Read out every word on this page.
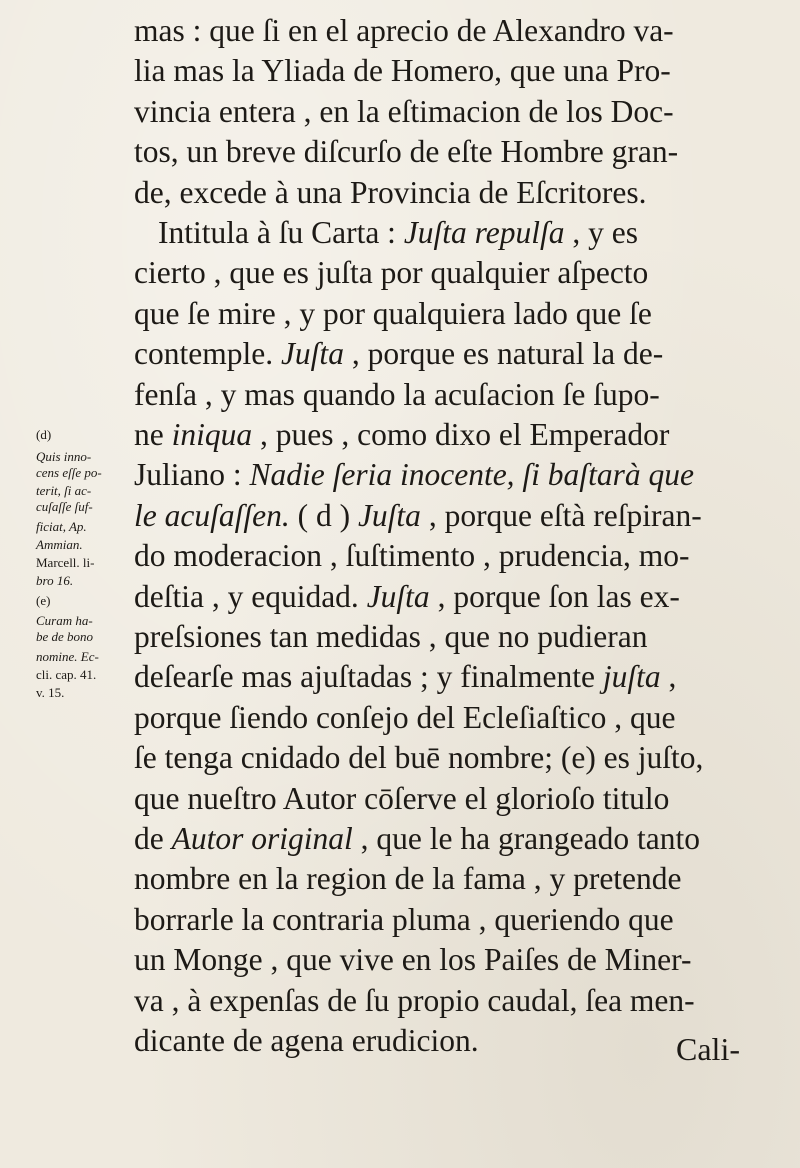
mas : que ſi en el aprecio de Alexandro va-
lia mas la Yliada de Homero, que una Pro-
vincia entera , en la eſtimacion de los Doc-
tos, un breve diſcurſo de eſte Hombre gran-
de, excede à una Provincia de Eſcritores.
Intitula à ſu Carta : Juſta repulſa , y es
cierto , que es juſta por qualquier aſpecto
que ſe mire , y por qualquiera lado que ſe
contemple. Juſta , porque es natural la de-
fenſa , y mas quando la acuſacion ſe ſupo-
ne iniqua , pues , como dixo el Emperador
Juliano : Nadie ſeria inocente, ſi baſtarà que
le acuſaſſen. ( d ) Juſta , porque eſtà reſpiran-
do moderacion , ſuſtimento , prudencia, mo-
deſtia , y equidad. Juſta , porque ſon las ex-
preſsiones tan medidas , que no pudieran
deſearſe mas ajuſtadas ; y finalmente juſta ,
porque ſiendo conſejo del Ecleſiaſtico , que
ſe tenga cnidado del buē nombre; (e) es juſto,
que nueſtro Autor cōſerve el glorioſo titulo
de Autor original , que le ha grangeado tanto
nombre en la region de la fama , y pretende
borrarle la contraria pluma , queriendo que
un Monge , que vive en los Paiſes de Miner-
va , à expenſas de ſu propio caudal, ſea men-
dicante de agena erudicion.
(d)
Quis inno-
cens eſſe po-
terit, ſi ac-
cuſaſſe ſuf-
ficiat, Ap.
Ammian.
Marcell. li-
bro 16.
(e)
Curam ha-
be de bono
nomine. Ec-
cli. cap. 41.
v. 15.
Cali-
